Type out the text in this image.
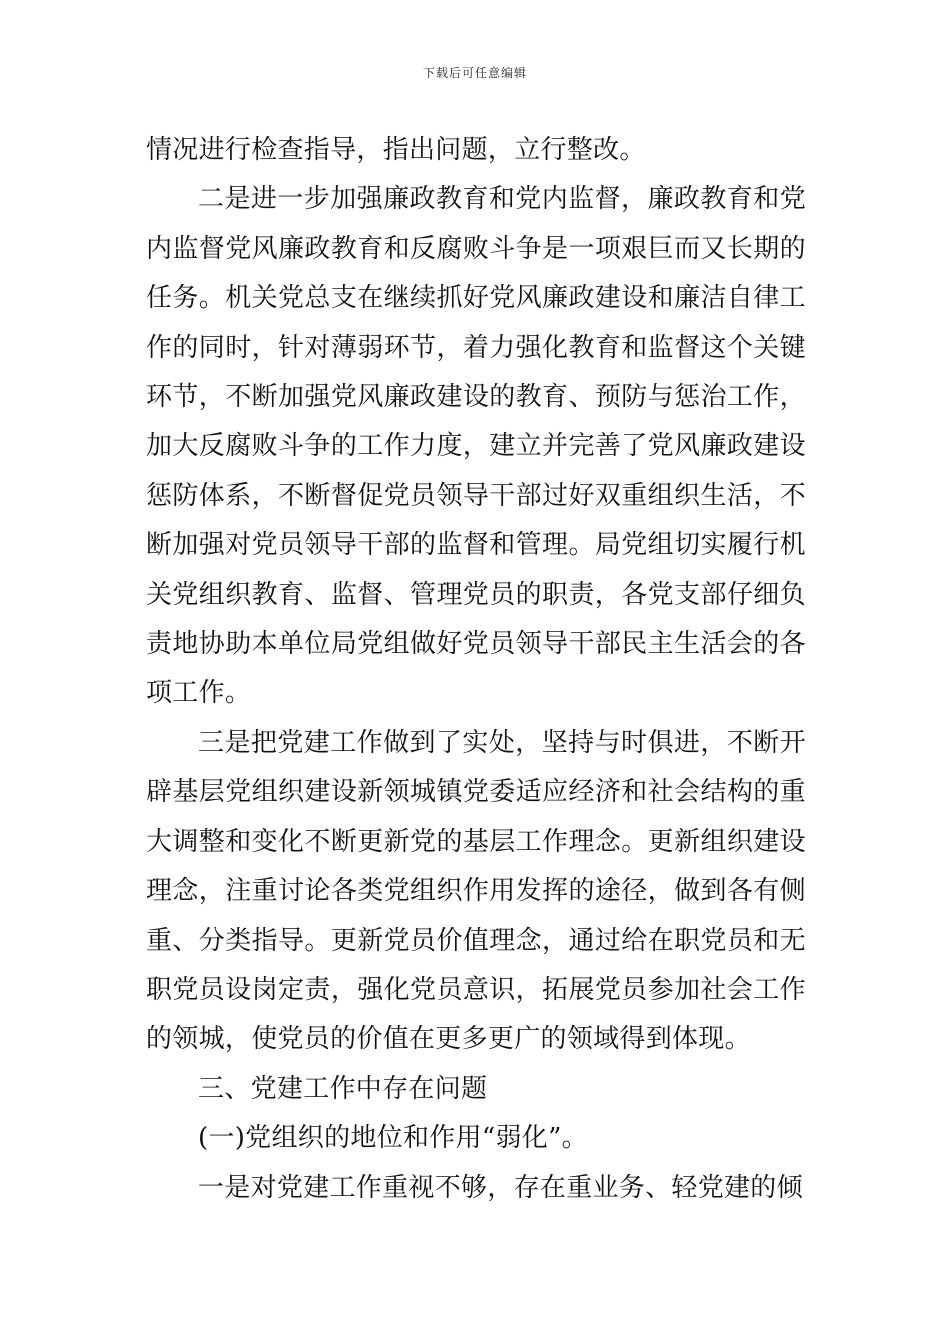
下载后可任意编辑

情况进行检查指导，指出问题，立行整改。

二是进一步加强廉政教育和党内监督，廉政教育和党内监督党风廉政教育和反腐败斗争是一项艰巨而又长期的任务。机关党总支在继续抓好党风廉政建设和廉洁自律工作的同时，针对薄弱环节，着力强化教育和监督这个关键环节，不断加强党风廉政建设的教育、预防与惩治工作，加大反腐败斗争的工作力度，建立并完善了党风廉政建设惩防体系，不断督促党员领导干部过好双重组织生活，不断加强对党员领导干部的监督和管理。局党组切实履行机关党组织教育、监督、管理党员的职责，各党支部仔细负责地协助本单位局党组做好党员领导干部民主生活会的各项工作。

三是把党建工作做到了实处，坚持与时俱进，不断开辟基层党组织建设新领城镇党委适应经济和社会结构的重大调整和变化不断更新党的基层工作理念。更新组织建设理念，注重讨论各类党组织作用发挥的途径，做到各有侧重、分类指导。更新党员价值理念，通过给在职党员和无职党员设岗定责，强化党员意识，拓展党员参加社会工作的领城，使党员的价值在更多更广的领域得到体现。

三、党建工作中存在问题

(一)党组织的地位和作用“弱化”。

一是对党建工作重视不够，存在重业务、轻党建的倾
